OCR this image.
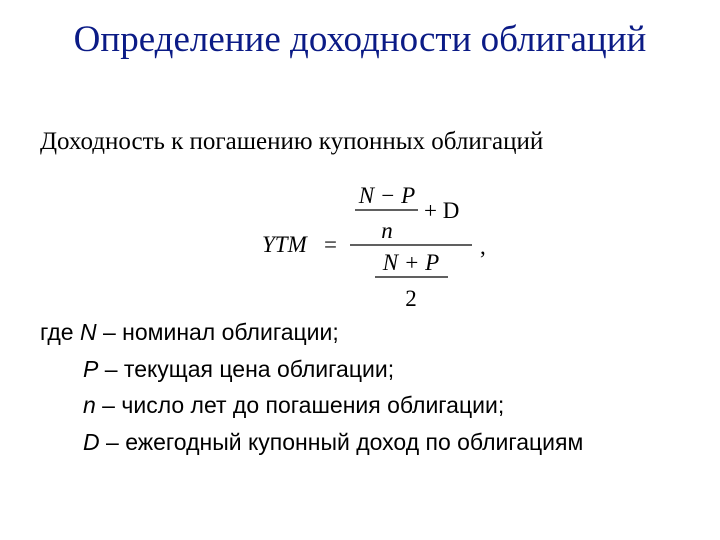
Определение доходности облигаций
Доходность к погашению купонных облигаций
YTM =
N − P
n
+ D
N + P
2
,
где N – номинал облигации;
P – текущая цена облигации;
n – число лет до погашения облигации;
D – ежегодный купонный доход по облигациям
